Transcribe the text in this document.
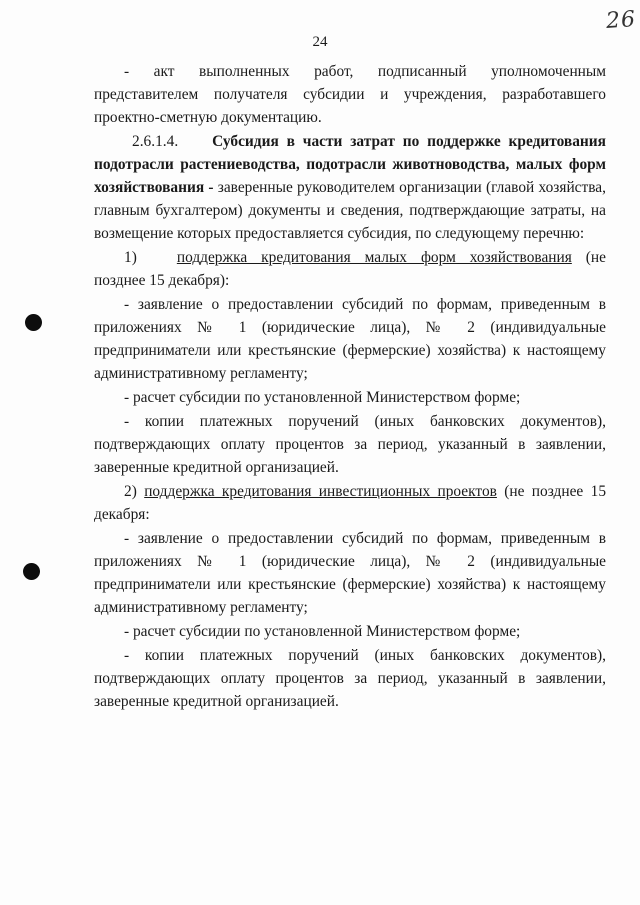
26
24

- акт выполненных работ, подписанный уполномоченным представителем получателя субсидии и учреждения, разработавшего проектно-сметную документацию.

2.6.1.4. Субсидия в части затрат по поддержке кредитования подотрасли растениеводства, подотрасли животноводства, малых форм хозяйствования - заверенные руководителем организации (главой хозяйства, главным бухгалтером) документы и сведения, подтверждающие затраты, на возмещение которых предоставляется субсидия, по следующему перечню:

1)	поддержка кредитования малых форм хозяйствования (не позднее 15 декабря):

- заявление о предоставлении субсидий по формам, приведенным в приложениях № 1 (юридические лица), № 2 (индивидуальные предприниматели или крестьянские (фермерские) хозяйства) к настоящему административному регламенту;

- расчет субсидии по установленной Министерством форме;

- копии платежных поручений (иных банковских документов), подтверждающих оплату процентов за период, указанный в заявлении, заверенные кредитной организацией.

2) поддержка кредитования инвестиционных проектов (не позднее 15 декабря:

- заявление о предоставлении субсидий по формам, приведенным в приложениях № 1 (юридические лица), № 2 (индивидуальные предприниматели или крестьянские (фермерские) хозяйства) к настоящему административному регламенту;

- расчет субсидии по установленной Министерством форме;

- копии платежных поручений (иных банковских документов), подтверждающих оплату процентов за период, указанный в заявлении, заверенные кредитной организацией.
